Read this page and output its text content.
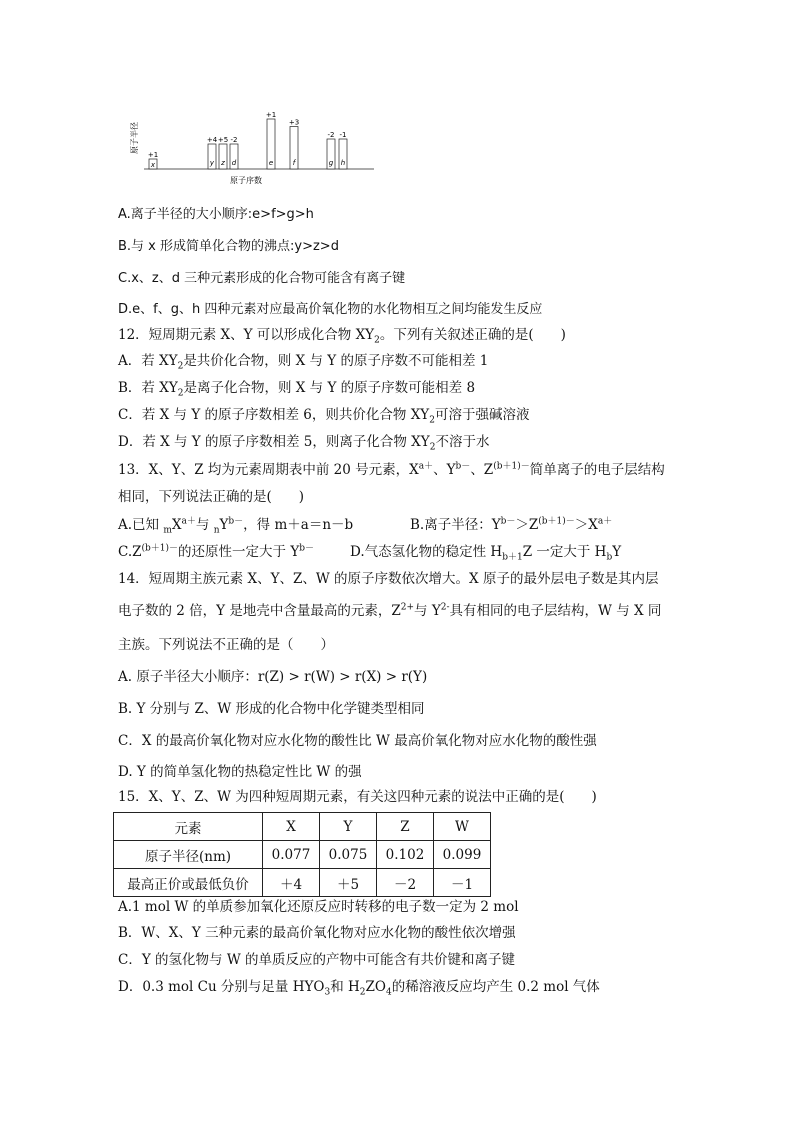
原子半径
x
+1
y
+4
z
+5
d
-2
e
+1
f
+3
g
-2
h
-1
原子序数
A.离子半径的大小顺序:e>f>g>h
B.与 x 形成简单化合物的沸点:y>z>d
C.x、z、d 三种元素形成的化合物可能含有离子键
D.e、f、g、h 四种元素对应最高价氧化物的水化物相互之间均能发生反应
12．短周期元素 X、Y 可以形成化合物 $XY_2$。下列有关叙述正确的是(　　)
A．若 $XY_2$是共价化合物，则 X 与 Y 的原子序数不可能相差 1
B．若 $XY_2$是离子化合物，则 X 与 Y 的原子序数可能相差 8
C．若 X 与 Y 的原子序数相差 6，则共价化合物 $XY_2$可溶于强碱溶液
D．若 X 与 Y 的原子序数相差 5，则离子化合物 $XY_2$不溶于水
13．X、Y、Z 均为元素周期表中前 20 号元素，$X^{a+}$、$Y^{b-}$、$Z^{(b+1)-}$简单离子的电子层结构
相同，下列说法正确的是(　　)
A.已知 $_mX^{a+}$与 $_nY^{b-}$，得 m＋a＝n－b	B.离子半径：$Y^{b-}>Z^{(b+1)-}>X^{a+}$
$C.Z^{(b+1)-}$的还原性一定大于 $Y^{b-}$	D.气态氢化物的稳定性 $H_{b+1}Z$ 一定大于 $H_bY$
14．短周期主族元素 X、Y、Z、W 的原子序数依次增大。X 原子的最外层电子数是其内层
电子数的 2 倍，Y 是地壳中含量最高的元素，$Z^{2+}$与 $Y^{2-}$具有相同的电子层结构，W 与 X 同
主族。下列说法不正确的是（　　）
A. 原子半径大小顺序：r(Z) > r(W) > r(X) > r(Y)
B. Y 分别与 Z、W 形成的化合物中化学键类型相同
C．X 的最高价氧化物对应水化物的酸性比 W 最高价氧化物对应水化物的酸性强
D. Y 的简单氢化物的热稳定性比 W 的强
15．X、Y、Z、W 为四种短周期元素，有关这四种元素的说法中正确的是(　　)
元素	X	Y	Z	W
原子半径(nm)	0.077	0.075	0.102	0.099
最高正价或最低负价	＋4	＋5	－2	－1
A.1 mol W 的单质参加氧化还原反应时转移的电子数一定为 2 mol
B．W、X、Y 三种元素的最高价氧化物对应水化物的酸性依次增强
C．Y 的氢化物与 W 的单质反应的产物中可能含有共价键和离子键
D．0.3 mol Cu 分别与足量 $HYO_3$和 $H_2ZO_4$的稀溶液反应均产生 0.2 mol 气体
